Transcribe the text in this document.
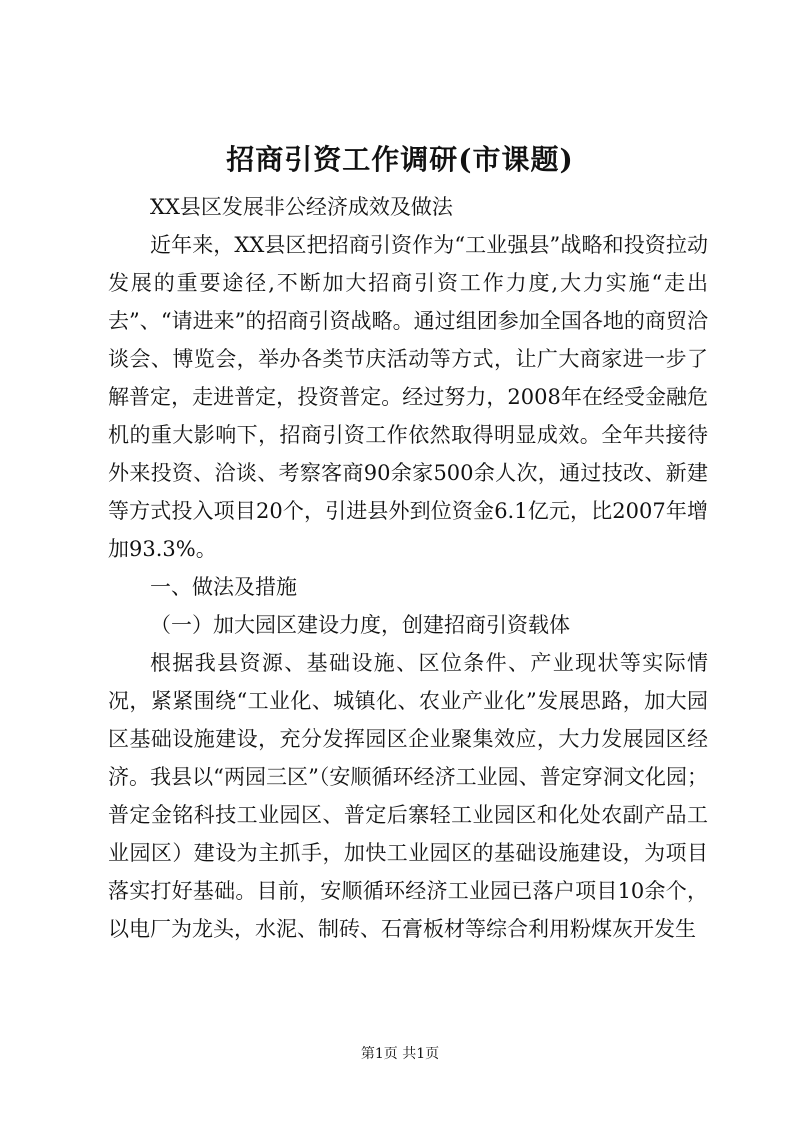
招商引资工作调研(市课题)

XX县区发展非公经济成效及做法

近年来，XX县区把招商引资作为“工业强县”战略和投资拉动发展的重要途径,不断加大招商引资工作力度,大力实施“走出去”、“请进来”的招商引资战略。通过组团参加全国各地的商贸洽谈会、博览会，举办各类节庆活动等方式，让广大商家进一步了解普定，走进普定，投资普定。经过努力，2008年在经受金融危机的重大影响下，招商引资工作依然取得明显成效。全年共接待外来投资、洽谈、考察客商90余家500余人次，通过技改、新建等方式投入项目20个，引进县外到位资金6.1亿元，比2007年增加93.3%。

一、做法及措施

（一）加大园区建设力度，创建招商引资载体

根据我县资源、基础设施、区位条件、产业现状等实际情况，紧紧围绕“工业化、城镇化、农业产业化”发展思路，加大园区基础设施建设，充分发挥园区企业聚集效应，大力发展园区经济。我县以“两园三区”（安顺循环经济工业园、普定穿洞文化园；普定金铭科技工业园区、普定后寨轻工业园区和化处农副产品工业园区）建设为主抓手，加快工业园区的基础设施建设，为项目落实打好基础。目前，安顺循环经济工业园已落户项目10余个，以电厂为龙头，水泥、制砖、石膏板材等综合利用粉煤灰开发生

第1页 共1页
